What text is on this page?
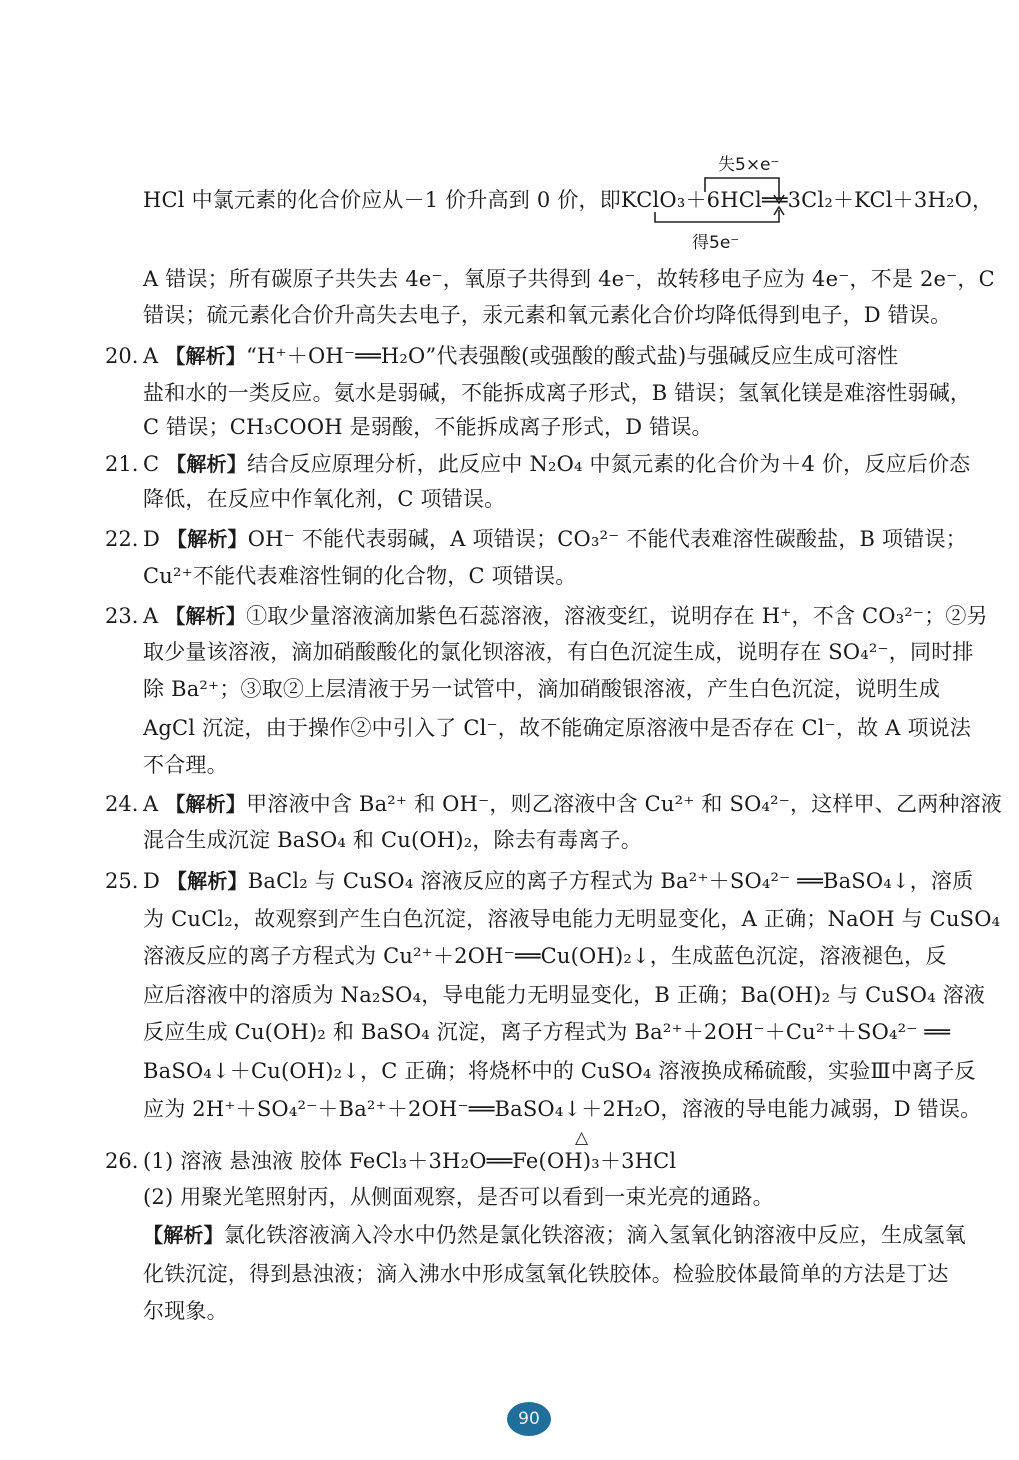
失5×e⁻
得5e⁻
HCl 中氯元素的化合价应从－1 价升高到 0 价，即KClO₃＋6HCl══3Cl₂＋KCl＋3H₂O，
A 错误；所有碳原子共失去 4e⁻，氧原子共得到 4e⁻，故转移电子应为 4e⁻，不是 2e⁻，C
错误；硫元素化合价升高失去电子，汞元素和氧元素化合价均降低得到电子，D 错误。
20. A 【解析】“H⁺＋OH⁻══H₂O”代表强酸(或强酸的酸式盐)与强碱反应生成可溶性
盐和水的一类反应。氨水是弱碱，不能拆成离子形式，B 错误；氢氧化镁是难溶性弱碱，
C 错误；CH₃COOH 是弱酸，不能拆成离子形式，D 错误。
21. C 【解析】结合反应原理分析，此反应中 N₂O₄ 中氮元素的化合价为＋4 价，反应后价态
降低，在反应中作氧化剂，C 项错误。
22. D 【解析】OH⁻ 不能代表弱碱，A 项错误；CO₃²⁻ 不能代表难溶性碳酸盐，B 项错误；
Cu²⁺不能代表难溶性铜的化合物，C 项错误。
23. A 【解析】①取少量溶液滴加紫色石蕊溶液，溶液变红，说明存在 H⁺，不含 CO₃²⁻；②另
取少量该溶液，滴加硝酸酸化的氯化钡溶液，有白色沉淀生成，说明存在 SO₄²⁻，同时排
除 Ba²⁺；③取②上层清液于另一试管中，滴加硝酸银溶液，产生白色沉淀，说明生成
AgCl 沉淀，由于操作②中引入了 Cl⁻，故不能确定原溶液中是否存在 Cl⁻，故 A 项说法
不合理。
24. A 【解析】甲溶液中含 Ba²⁺ 和 OH⁻，则乙溶液中含 Cu²⁺ 和 SO₄²⁻，这样甲、乙两种溶液
混合生成沉淀 BaSO₄ 和 Cu(OH)₂，除去有毒离子。
25. D 【解析】BaCl₂ 与 CuSO₄ 溶液反应的离子方程式为 Ba²⁺＋SO₄²⁻ ══BaSO₄↓，溶质
为 CuCl₂，故观察到产生白色沉淀，溶液导电能力无明显变化，A 正确；NaOH 与 CuSO₄
溶液反应的离子方程式为 Cu²⁺＋2OH⁻══Cu(OH)₂↓，生成蓝色沉淀，溶液褪色，反
应后溶液中的溶质为 Na₂SO₄，导电能力无明显变化，B 正确；Ba(OH)₂ 与 CuSO₄ 溶液
反应生成 Cu(OH)₂ 和 BaSO₄ 沉淀，离子方程式为 Ba²⁺＋2OH⁻＋Cu²⁺＋SO₄²⁻ ══
BaSO₄↓＋Cu(OH)₂↓，C 正确；将烧杯中的 CuSO₄ 溶液换成稀硫酸，实验Ⅲ中离子反
应为 2H⁺＋SO₄²⁻＋Ba²⁺＋2OH⁻══BaSO₄↓＋2H₂O，溶液的导电能力减弱，D 错误。
26.
△
(1) 溶液 悬浊液 胶体 FeCl₃＋3H₂O══Fe(OH)₃＋3HCl
(2) 用聚光笔照射丙，从侧面观察，是否可以看到一束光亮的通路。
【解析】氯化铁溶液滴入冷水中仍然是氯化铁溶液；滴入氢氧化钠溶液中反应，生成氢氧
化铁沉淀，得到悬浊液；滴入沸水中形成氢氧化铁胶体。检验胶体最简单的方法是丁达
尔现象。
90
